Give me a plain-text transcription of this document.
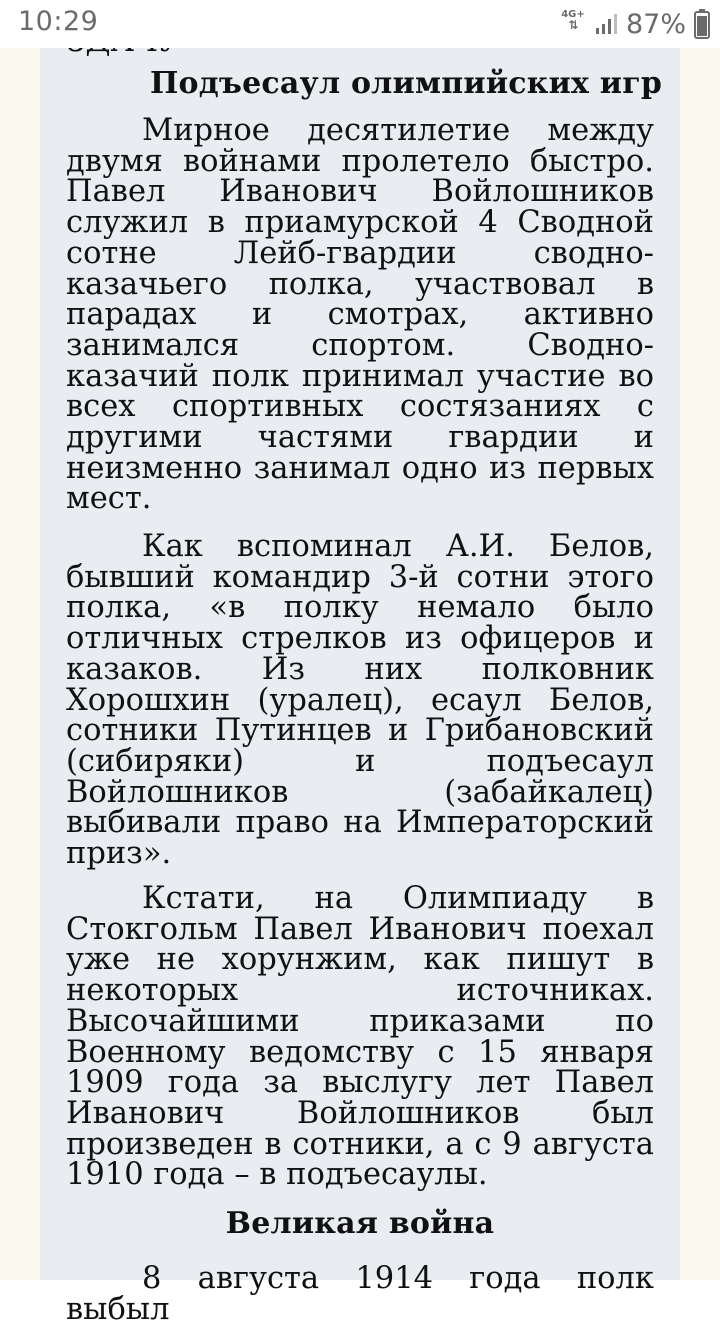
10:29	4G+
⇅	87%
Подъесаул олимпийских игр

Мирное десятилетие между двумя войнами пролетело быстро. Павел Иванович Войлошников служил в приамурской 4 Сводной сотне Лейб-гвардии сводно-казачьего полка, участвовал в парадах и смотрах, активно занимался спортом. Сводно-казачий полк принимал участие во всех спортивных состязаниях с другими частями гвардии и неизменно занимал одно из первых мест.

Как вспоминал А.И. Белов, бывший командир 3-й сотни этого полка, «в полку немало было отличных стрелков из офицеров и казаков. Из них полковник Хорошхин (уралец), есаул Белов, сотники Путинцев и Грибановский (сибиряки) и подъесаул Войлошников (забайкалец) выбивали право на Императорский приз».

Кстати, на Олимпиаду в Стокгольм Павел Иванович поехал уже не хорунжим, как пишут в некоторых источниках. Высочайшими приказами по Военному ведомству с 15 января 1909 года за выслугу лет Павел Иванович Войлошников был произведен в сотники, а с 9 августа 1910 года – в подъесаулы.

Великая война

8 августа 1914 года полк выбыл
